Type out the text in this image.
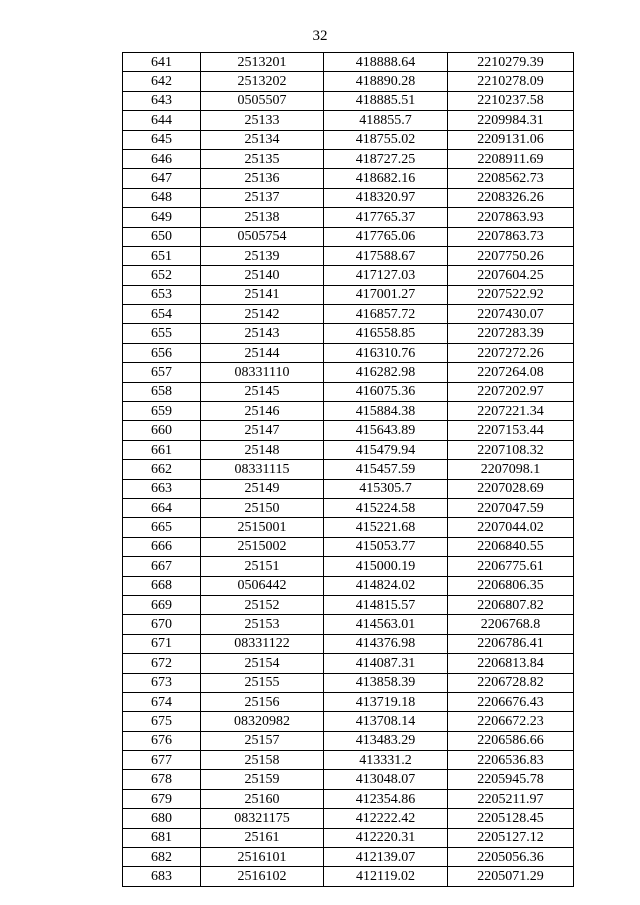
32
641	2513201	418888.64	2210279.39
642	2513202	418890.28	2210278.09
643	0505507	418885.51	2210237.58
644	25133	418855.7	2209984.31
645	25134	418755.02	2209131.06
646	25135	418727.25	2208911.69
647	25136	418682.16	2208562.73
648	25137	418320.97	2208326.26
649	25138	417765.37	2207863.93
650	0505754	417765.06	2207863.73
651	25139	417588.67	2207750.26
652	25140	417127.03	2207604.25
653	25141	417001.27	2207522.92
654	25142	416857.72	2207430.07
655	25143	416558.85	2207283.39
656	25144	416310.76	2207272.26
657	08331110	416282.98	2207264.08
658	25145	416075.36	2207202.97
659	25146	415884.38	2207221.34
660	25147	415643.89	2207153.44
661	25148	415479.94	2207108.32
662	08331115	415457.59	2207098.1
663	25149	415305.7	2207028.69
664	25150	415224.58	2207047.59
665	2515001	415221.68	2207044.02
666	2515002	415053.77	2206840.55
667	25151	415000.19	2206775.61
668	0506442	414824.02	2206806.35
669	25152	414815.57	2206807.82
670	25153	414563.01	2206768.8
671	08331122	414376.98	2206786.41
672	25154	414087.31	2206813.84
673	25155	413858.39	2206728.82
674	25156	413719.18	2206676.43
675	08320982	413708.14	2206672.23
676	25157	413483.29	2206586.66
677	25158	413331.2	2206536.83
678	25159	413048.07	2205945.78
679	25160	412354.86	2205211.97
680	08321175	412222.42	2205128.45
681	25161	412220.31	2205127.12
682	2516101	412139.07	2205056.36
683	2516102	412119.02	2205071.29
